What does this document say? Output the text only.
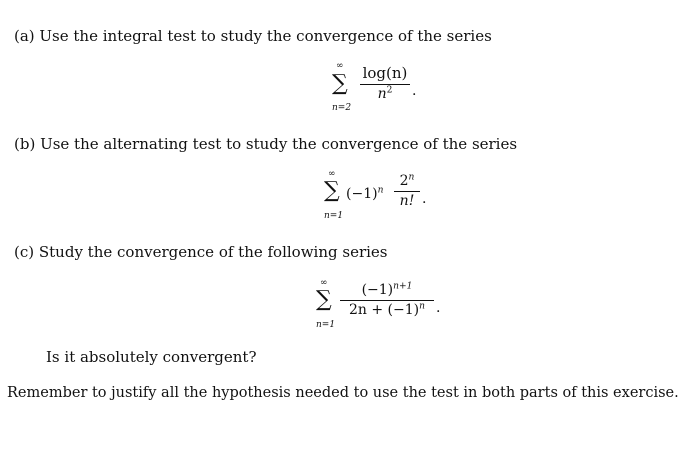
(a) Use the integral test to study the convergence of the series
∞
∑
n=2
log(n)
$n^2$	.
(b) Use the alternating test to study the convergence of the series
∞
∑
n=1
$(-1)^n$
2$^n$
n! .
(c) Study the convergence of the following series
∞
∑
n=1
$(-1)^{n+1}$
$2n + (-1)^n$ .
Is it absolutely convergent?
Remember to justify all the hypothesis needed to use the test in both parts of this exercise.
